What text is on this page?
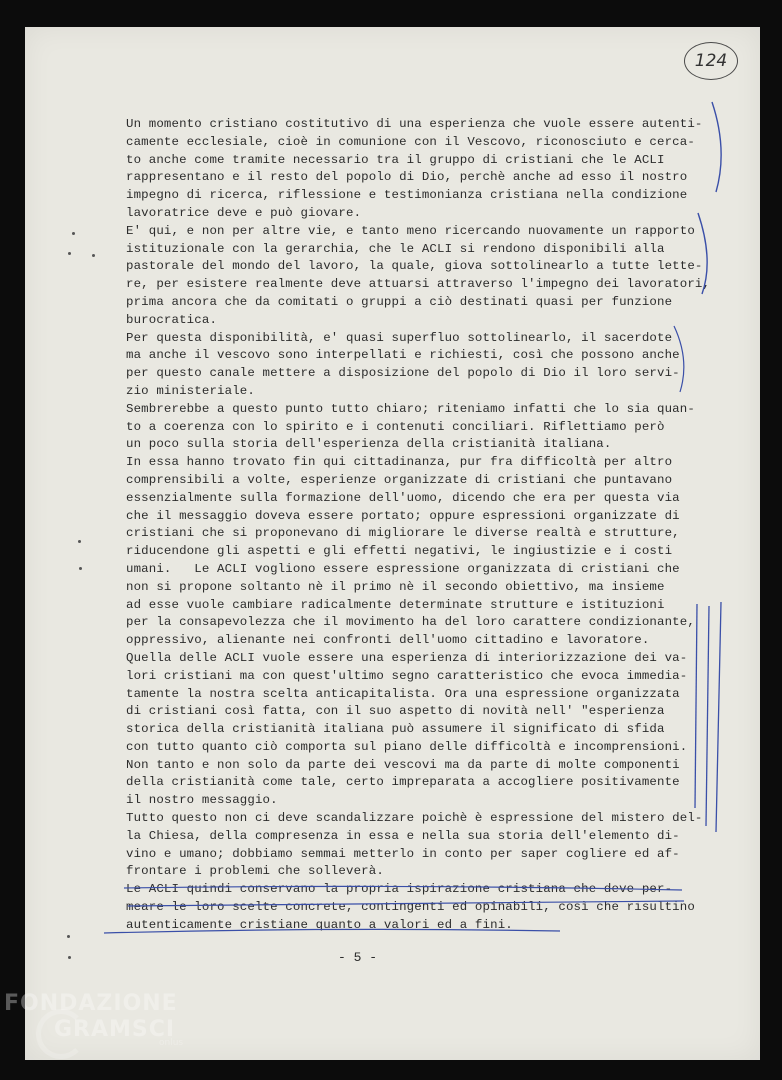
124
Un momento cristiano costitutivo di una esperienza che vuole essere autenti-
camente ecclesiale, cioè in comunione con il Vescovo, riconosciuto e cerca-
to anche come tramite necessario tra il gruppo di cristiani che le ACLI
rappresentano e il resto del popolo di Dio, perchè anche ad esso il nostro
impegno di ricerca, riflessione e testimonianza cristiana nella condizione
lavoratrice deve e può giovare.
E' qui, e non per altre vie, e tanto meno ricercando nuovamente un rapporto
istituzionale con la gerarchia, che le ACLI si rendono disponibili alla
pastorale del mondo del lavoro, la quale, giova sottolinearlo a tutte lette-
re, per esistere realmente deve attuarsi attraverso l'impegno dei lavoratori,
prima ancora che da comitati o gruppi a ciò destinati quasi per funzione
burocratica.
Per questa disponibilità, e' quasi superfluo sottolinearlo, il sacerdote
ma anche il vescovo sono interpellati e richiesti, così che possono anche
per questo canale mettere a disposizione del popolo di Dio il loro servi-
zio ministeriale.
Sembrerebbe a questo punto tutto chiaro; riteniamo infatti che lo sia quan-
to a coerenza con lo spirito e i contenuti conciliari. Riflettiamo però
un poco sulla storia dell'esperienza della cristianità italiana.
In essa hanno trovato fin qui cittadinanza, pur fra difficoltà per altro
comprensibili a volte, esperienze organizzate di cristiani che puntavano
essenzialmente sulla formazione dell'uomo, dicendo che era per questa via
che il messaggio doveva essere portato; oppure espressioni organizzate di
cristiani che si proponevano di migliorare le diverse realtà e strutture,
riducendone gli aspetti e gli effetti negativi, le ingiustizie e i costi
umani.   Le ACLI vogliono essere espressione organizzata di cristiani che
non si propone soltanto nè il primo nè il secondo obiettivo, ma insieme
ad esse vuole cambiare radicalmente determinate strutture e istituzioni
per la consapevolezza che il movimento ha del loro carattere condizionante,
oppressivo, alienante nei confronti dell'uomo cittadino e lavoratore.
Quella delle ACLI vuole essere una esperienza di interiorizzazione dei va-
lori cristiani ma con quest'ultimo segno caratteristico che evoca immedia-
tamente la nostra scelta anticapitalista. Ora una espressione organizzata
di cristiani così fatta, con il suo aspetto di novità nell' "esperienza
storica della cristianità italiana può assumere il significato di sfida
con tutto quanto ciò comporta sul piano delle difficoltà e incomprensioni.
Non tanto e non solo da parte dei vescovi ma da parte di molte componenti
della cristianità come tale, certo impreparata a accogliere positivamente
il nostro messaggio.
Tutto questo non ci deve scandalizzare poichè è espressione del mistero del-
la Chiesa, della compresenza in essa e nella sua storia dell'elemento di-
vino e umano; dobbiamo semmai metterlo in conto per saper cogliere ed af-
frontare i problemi che solleverà.
Le ACLI quindi conservano la propria ispirazione cristiana che deve per-
meare le loro scelte concrete, contingenti ed opinabili, così che risultino
autenticamente cristiane quanto a valori ed a fini.
- 5 -
FONDAZIONE
GRAMSCI
onlus
